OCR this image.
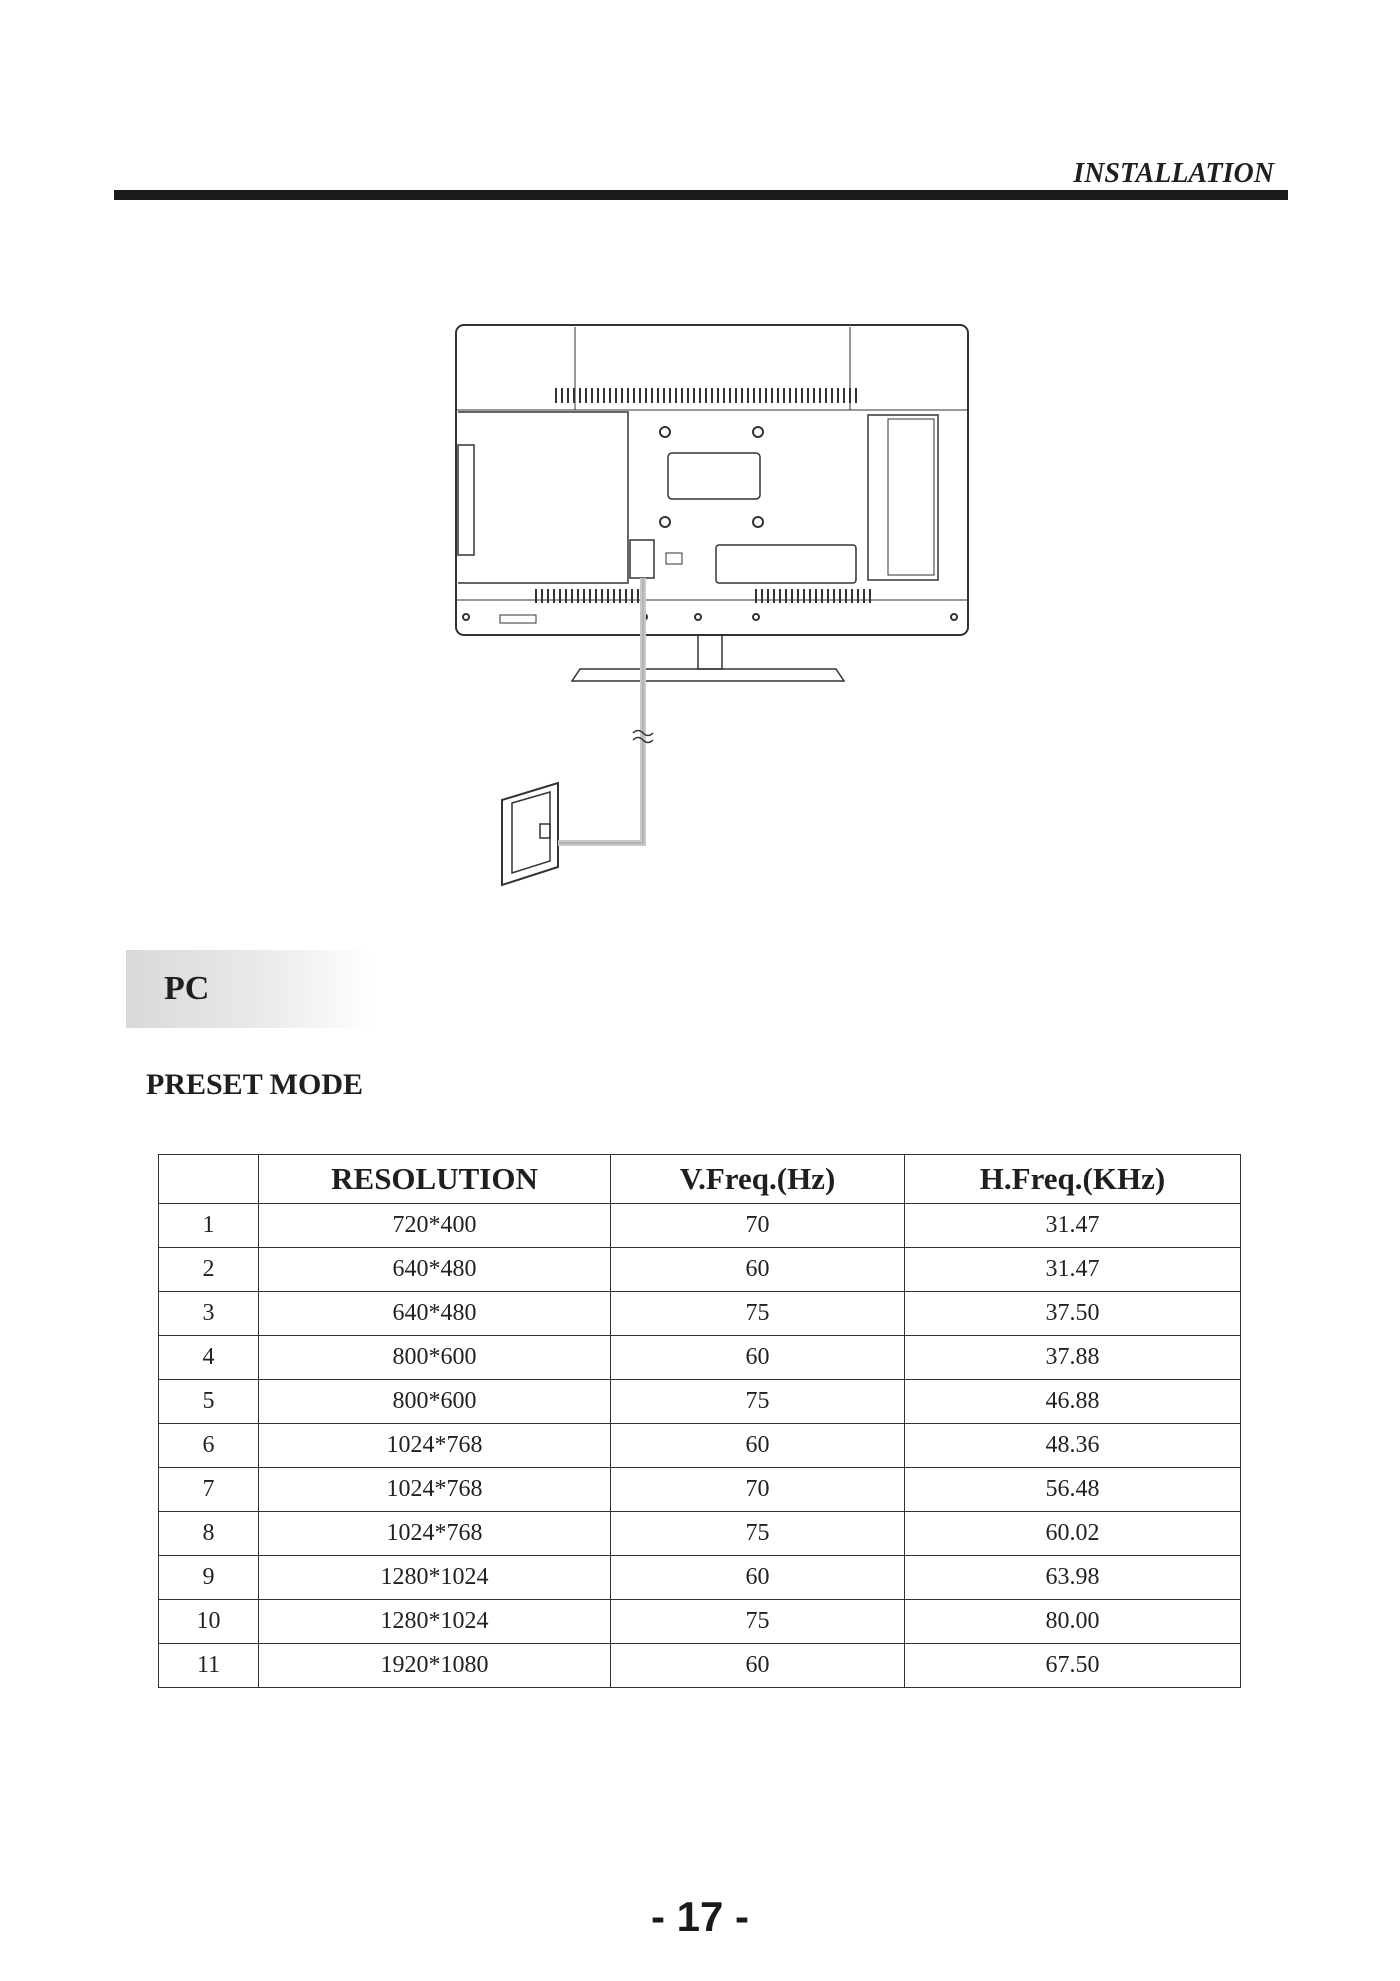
INSTALLATION
PC
PRESET MODE
	RESOLUTION	V.Freq.(Hz)	H.Freq.(KHz)
1	720*400	70	31.47
2	640*480	60	31.47
3	640*480	75	37.50
4	800*600	60	37.88
5	800*600	75	46.88
6	1024*768	60	48.36
7	1024*768	70	56.48
8	1024*768	75	60.02
9	1280*1024	60	63.98
10	1280*1024	75	80.00
11	1920*1080	60	67.50
- 17 -
